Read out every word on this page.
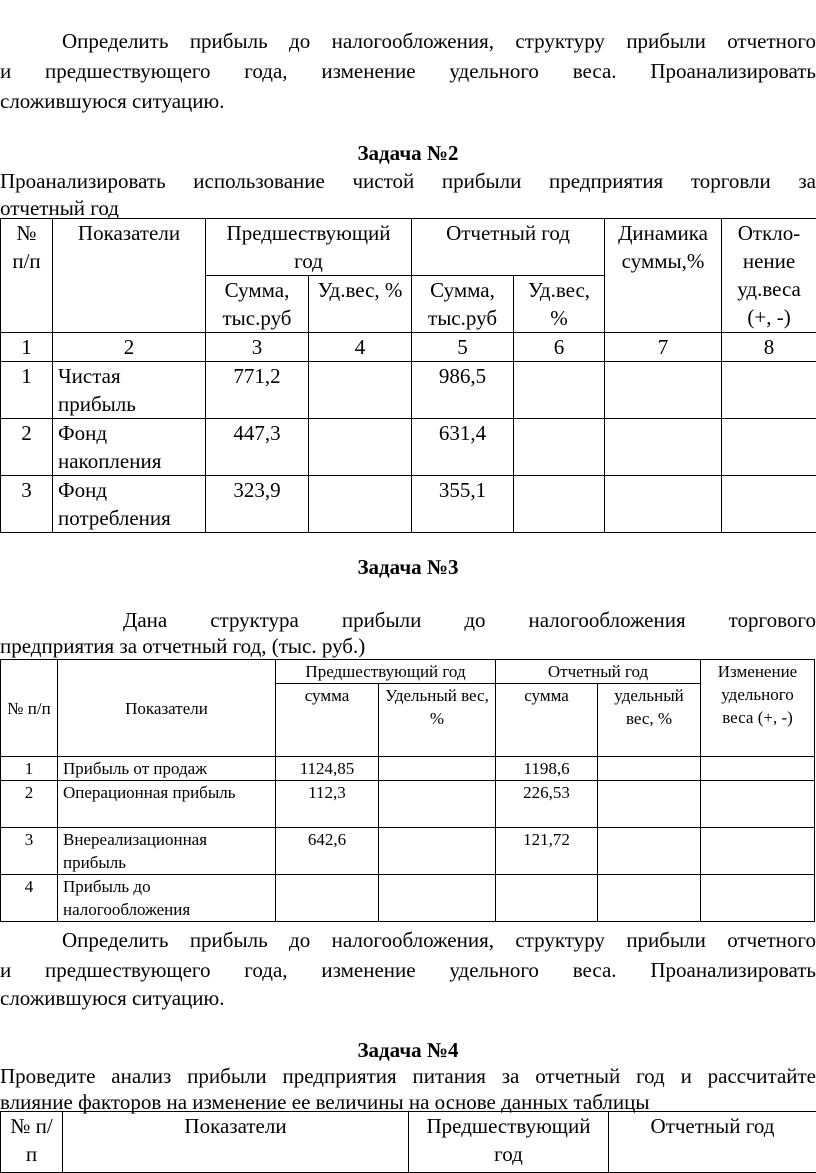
Определить прибыль до налогообложения, структуру прибыли отчетного
и предшествующего года, изменение удельного веса. Проанализировать
сложившуюся ситуацию.
Задача №2
Проанализировать использование чистой прибыли предприятия торговли за
отчетный год
№ п/п	Показатели	Предшествующий год		Отчетный год		Динамика суммы,%	Откло-нение уд.веса (+, -)
		Сумма, тыс.руб	Уд.вес, %	Сумма, тыс.руб	Уд.вес, %		
1	2	3	4	5	6	7	8
1	Чистая прибыль	771,2		986,5			
2	Фонд накопления	447,3		631,4			
3	Фонд потребления	323,9		355,1			
Задача №3
Дана структура прибыли до налогообложения торгового
предприятия за отчетный год, (тыс. руб.)
№ п/п	Показатели	Предшествующий год		Отчетный год		Изменение удельного веса (+, -)
		сумма	Удельный вес, %	сумма	удельный вес, %	
1	Прибыль от продаж	1124,85		1198,6		
2	Операционная прибыль	112,3		226,53		
3	Внереализационная прибыль	642,6		121,72		
4	Прибыль до налогообложения					
Определить прибыль до налогообложения, структуру прибыли отчетного
и предшествующего года, изменение удельного веса. Проанализировать
сложившуюся ситуацию.
Задача №4
Проведите анализ прибыли предприятия питания за отчетный год и рассчитайте
влияние факторов на изменение ее величины на основе данных таблицы
№ п/п	Показатели	Предшествующий год	Отчетный год
